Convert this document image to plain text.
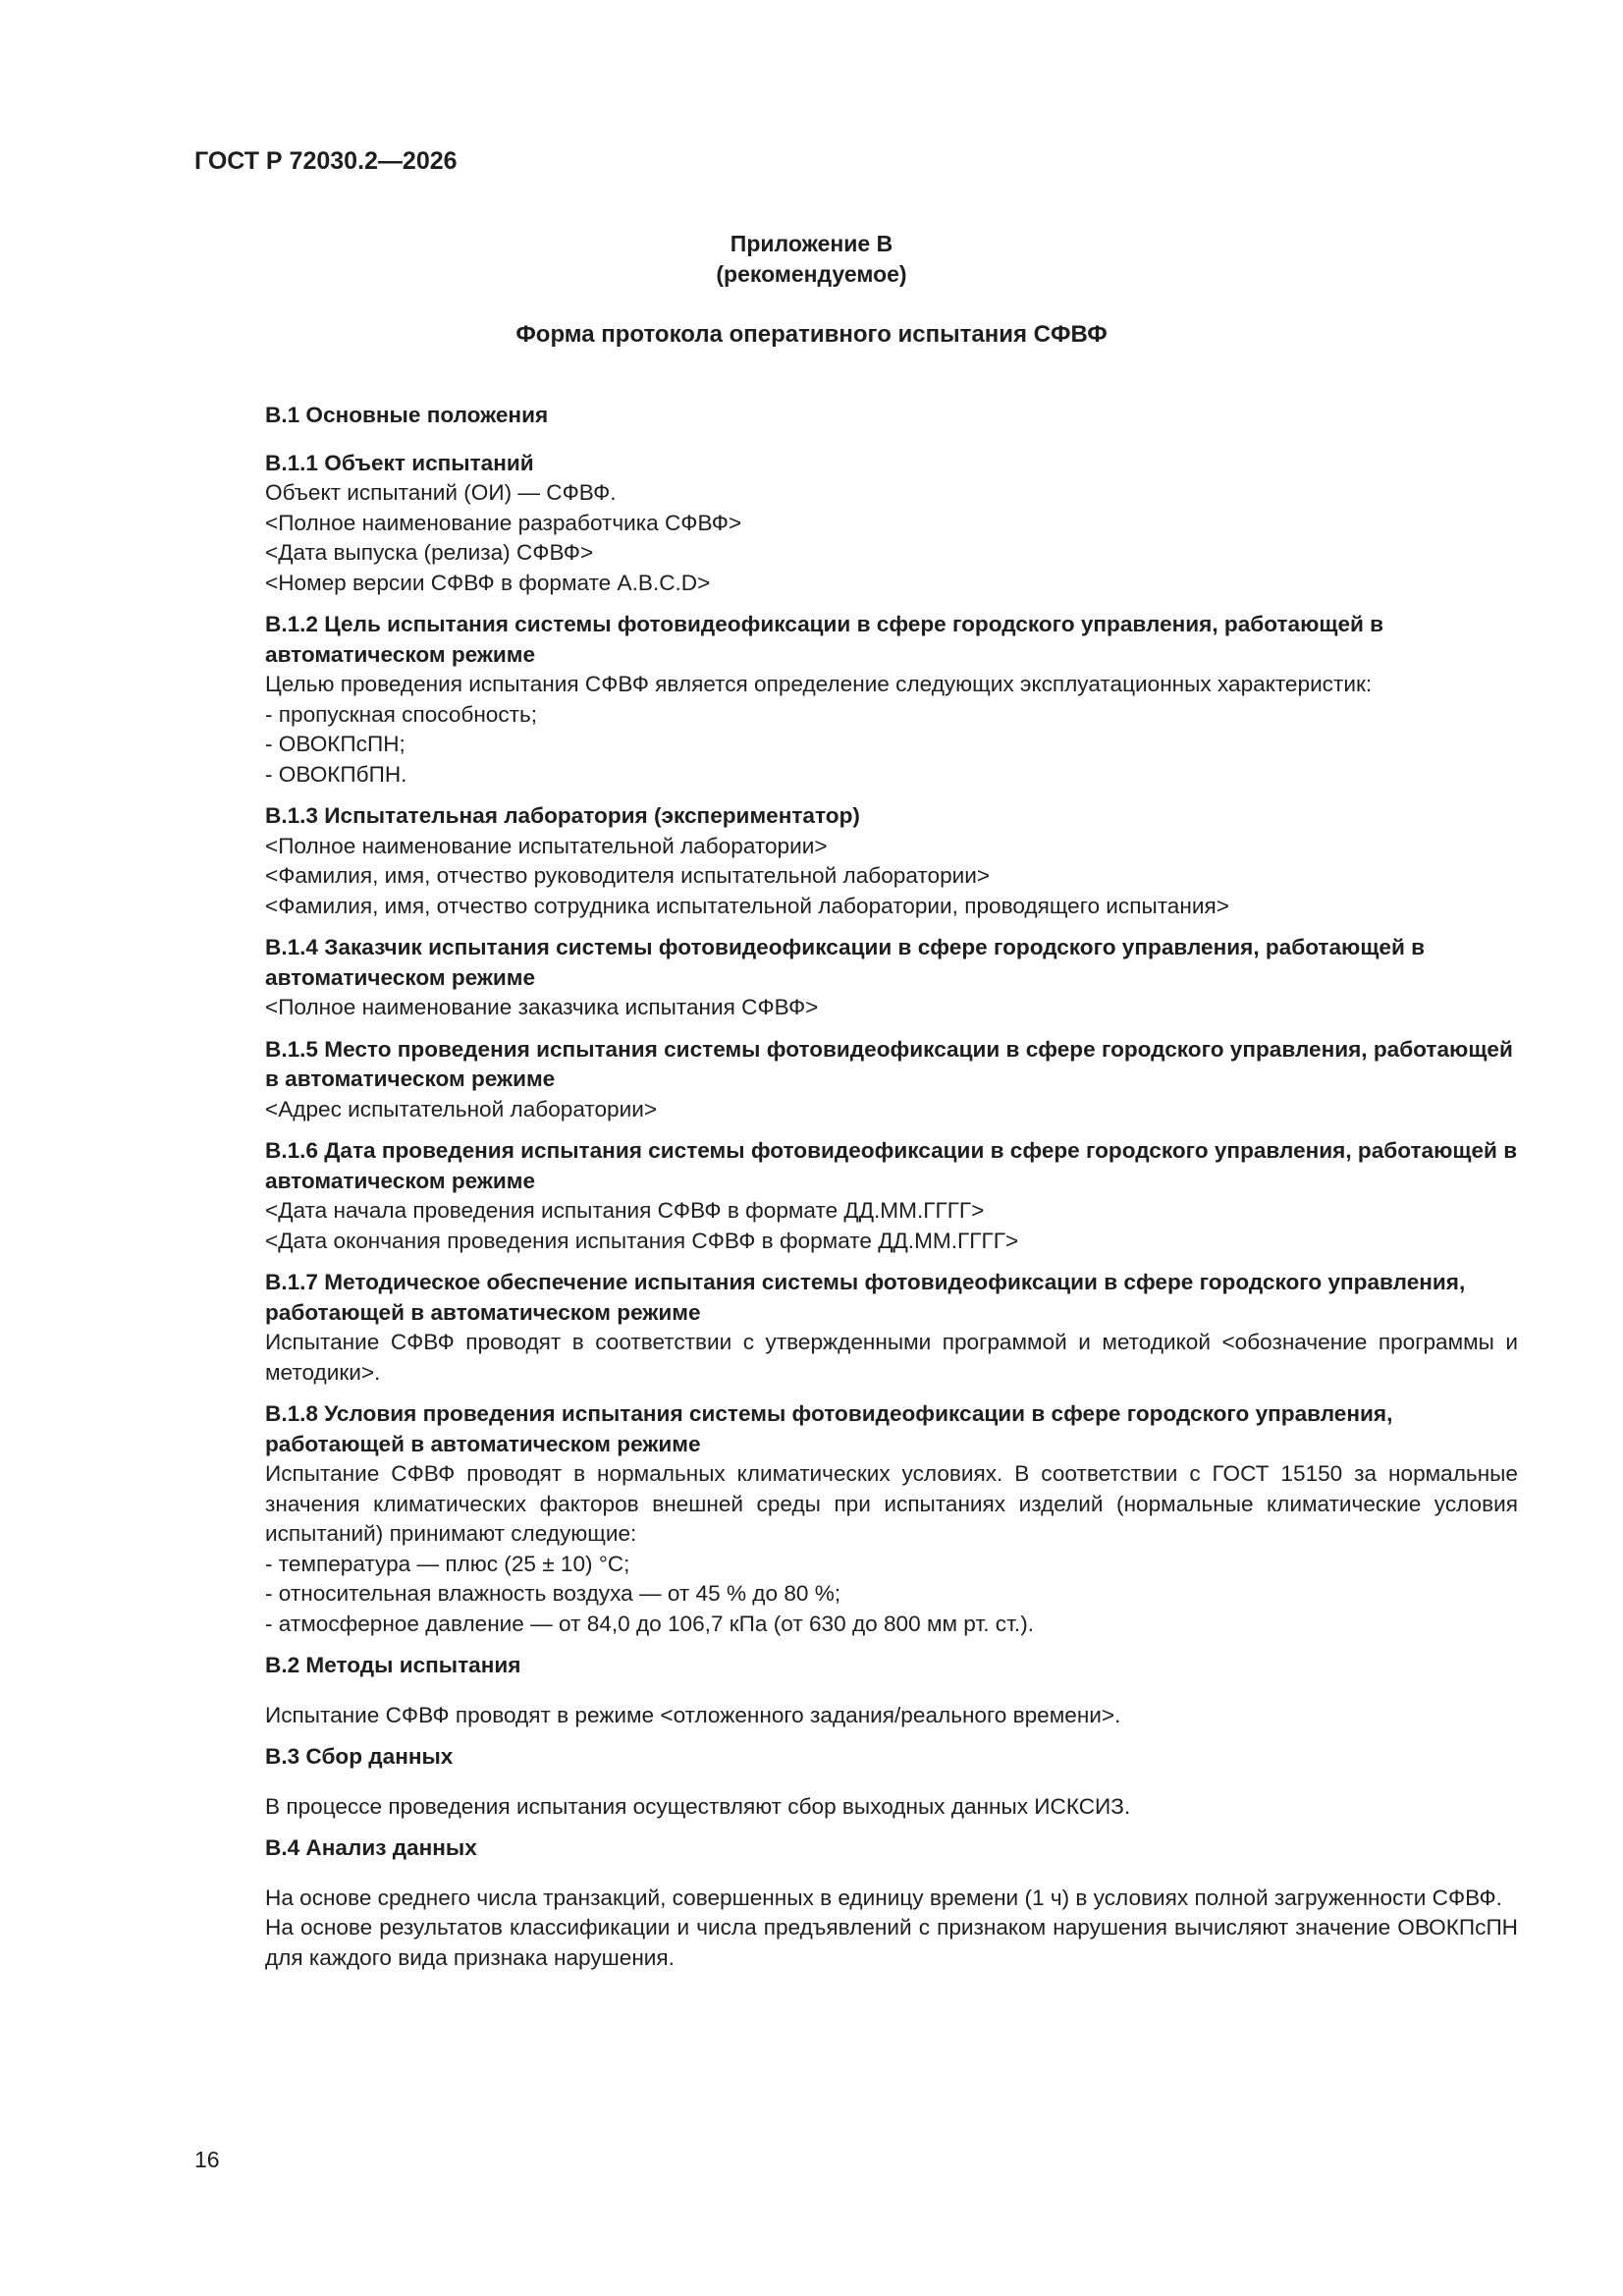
ГОСТ Р 72030.2—2026
Приложение В
(рекомендуемое)
Форма протокола оперативного испытания СФВФ

В.1 Основные положения

В.1.1 Объект испытаний

Объект испытаний (ОИ) — СФВФ.

<Полное наименование разработчика СФВФ>

<Дата выпуска (релиза) СФВФ>

<Номер версии СФВФ в формате A.B.C.D>

В.1.2 Цель испытания системы фотовидеофиксации в сфере городского управления, работающей в автоматическом режиме

Целью проведения испытания СФВФ является определение следующих эксплуатационных характеристик:

- пропускная способность;

- ОВОКПсПН;

- ОВОКПбПН.

В.1.3 Испытательная лаборатория (экспериментатор)

<Полное наименование испытательной лаборатории>

<Фамилия, имя, отчество руководителя испытательной лаборатории>

<Фамилия, имя, отчество сотрудника испытательной лаборатории, проводящего испытания>

В.1.4 Заказчик испытания системы фотовидеофиксации в сфере городского управления, работающей в автоматическом режиме

<Полное наименование заказчика испытания СФВФ>

В.1.5 Место проведения испытания системы фотовидеофиксации в сфере городского управления, работающей в автоматическом режиме

<Адрес испытательной лаборатории>

В.1.6 Дата проведения испытания системы фотовидеофиксации в сфере городского управления, работающей в автоматическом режиме

<Дата начала проведения испытания СФВФ в формате ДД.ММ.ГГГГ>

<Дата окончания проведения испытания СФВФ в формате ДД.ММ.ГГГГ>

В.1.7 Методическое обеспечение испытания системы фотовидеофиксации в сфере городского управления, работающей в автоматическом режиме

Испытание СФВФ проводят в соответствии с утвержденными программой и методикой <обозначение программы и методики>.

В.1.8 Условия проведения испытания системы фотовидеофиксации в сфере городского управления, работающей в автоматическом режиме

Испытание СФВФ проводят в нормальных климатических условиях. В соответствии с ГОСТ 15150 за нормальные значения климатических факторов внешней среды при испытаниях изделий (нормальные климатические условия испытаний) принимают следующие:

- температура — плюс (25 ± 10) °С;

- относительная влажность воздуха — от 45 % до 80 %;

- атмосферное давление — от 84,0 до 106,7 кПа (от 630 до 800 мм рт. ст.).

В.2 Методы испытания

Испытание СФВФ проводят в режиме <отложенного задания/реального времени>.

В.3 Сбор данных

В процессе проведения испытания осуществляют сбор выходных данных ИСКСИЗ.

В.4 Анализ данных

На основе среднего числа транзакций, совершенных в единицу времени (1 ч) в условиях полной загруженности СФВФ.

На основе результатов классификации и числа предъявлений с признаком нарушения вычисляют значение ОВОКПсПН для каждого вида признака нарушения.

16
